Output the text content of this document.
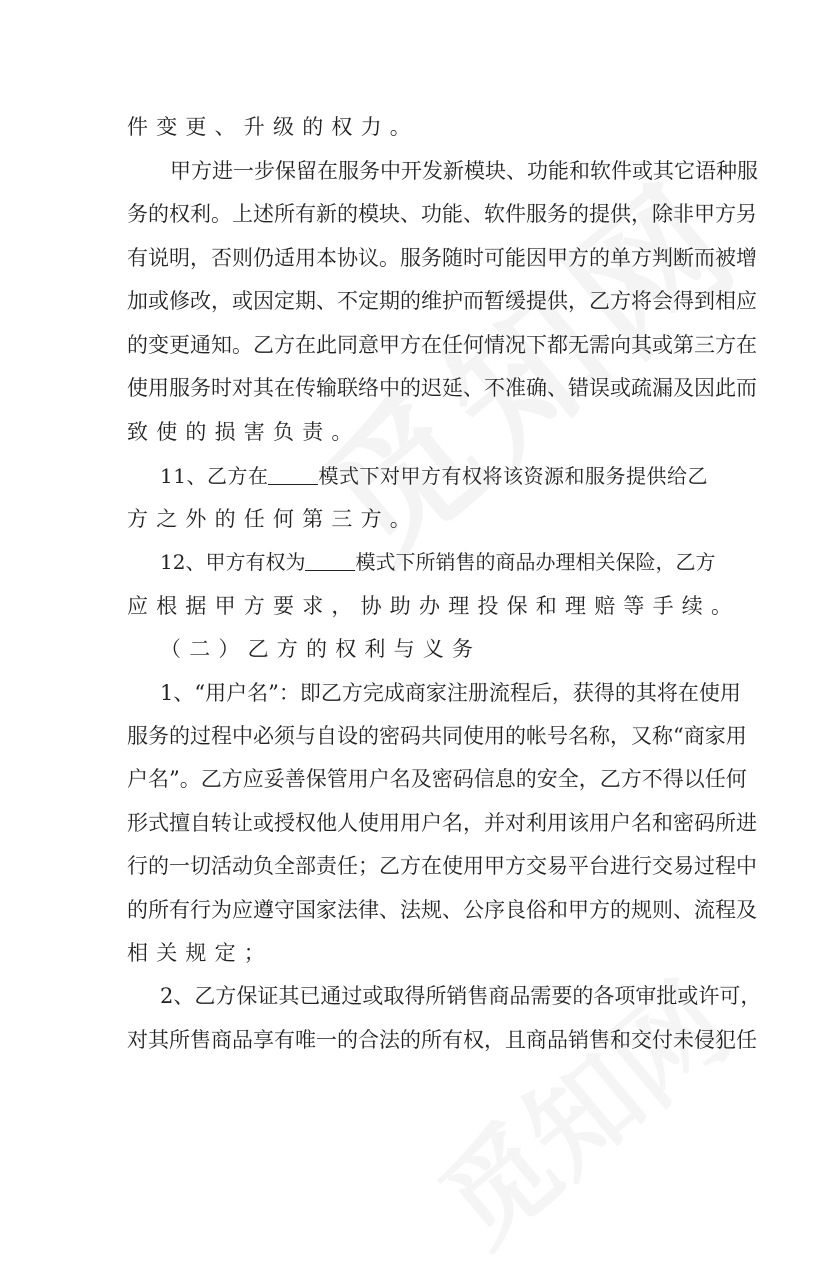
件变更、升级的权力。
甲方进一步保留在服务中开发新模块、功能和软件或其它语种服
务的权利。上述所有新的模块、功能、软件服务的提供，除非甲方另
有说明，否则仍适用本协议。服务随时可能因甲方的单方判断而被增
加或修改，或因定期、不定期的维护而暂缓提供，乙方将会得到相应
的变更通知。乙方在此同意甲方在任何情况下都无需向其或第三方在
使用服务时对其在传输联络中的迟延、不准确、错误或疏漏及因此而
致使的损害负责。
11、乙方在	模式下对甲方有权将该资源和服务提供给乙
方之外的任何第三方。
12、甲方有权为	模式下所销售的商品办理相关保险，乙方
应根据甲方要求，协助办理投保和理赔等手续。
（二）乙方的权利与义务
1、“用户名”：即乙方完成商家注册流程后，获得的其将在使用
服务的过程中必须与自设的密码共同使用的帐号名称，又称“商家用
户名”。乙方应妥善保管用户名及密码信息的安全，乙方不得以任何
形式擅自转让或授权他人使用用户名，并对利用该用户名和密码所进
行的一切活动负全部责任；乙方在使用甲方交易平台进行交易过程中
的所有行为应遵守国家法律、法规、公序良俗和甲方的规则、流程及
相关规定；
2、乙方保证其已通过或取得所销售商品需要的各项审批或许可，
对其所售商品享有唯一的合法的所有权，且商品销售和交付未侵犯任
